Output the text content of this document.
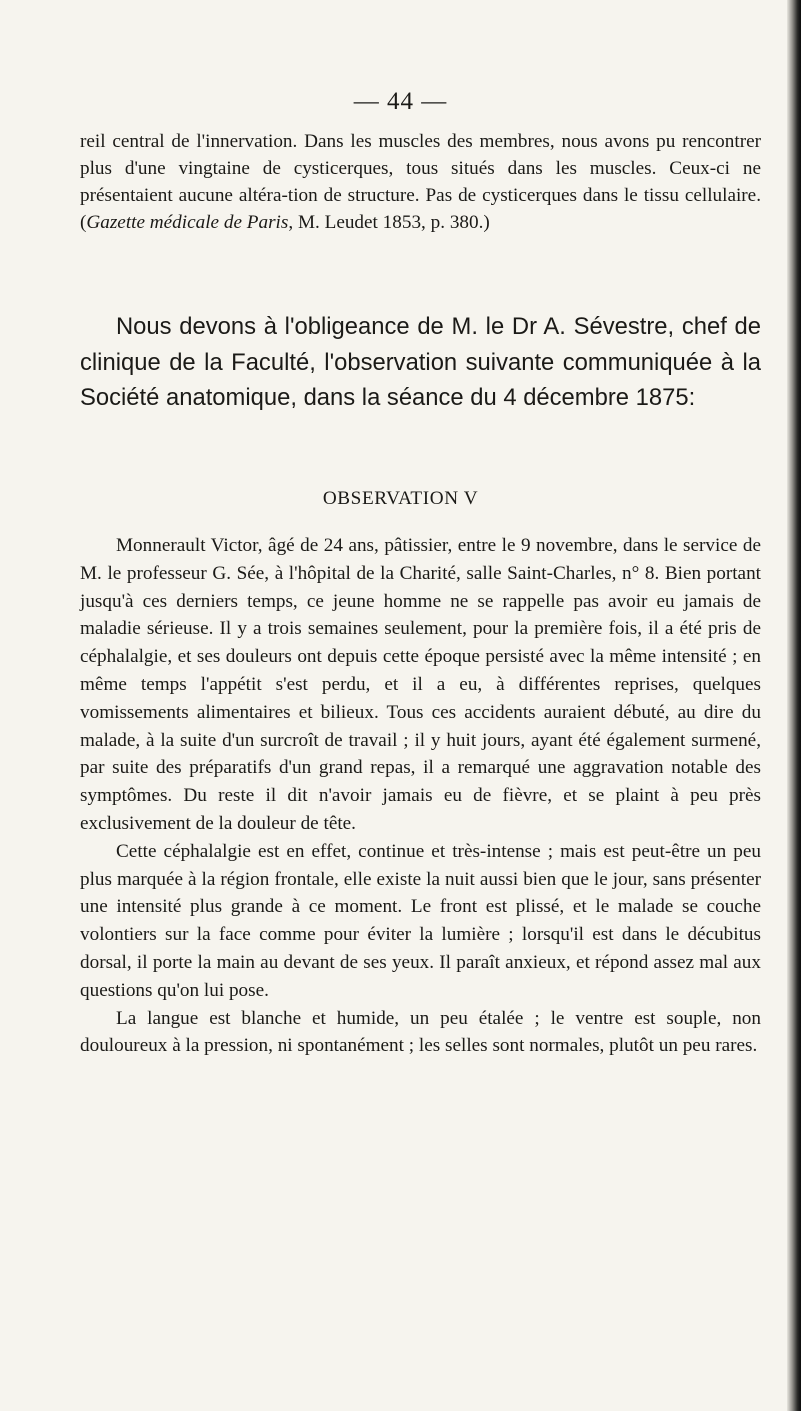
— 44 —

reil central de l'innervation. Dans les muscles des membres, nous avons pu rencontrer plus d'une vingtaine de cysticerques, tous situés dans les muscles. Ceux-ci ne présentaient aucune altéra-tion de structure. Pas de cysticerques dans le tissu cellulaire. (Gazette médicale de Paris, M. Leudet 1853, p. 380.)

Nous devons à l'obligeance de M. le Dr A. Sévestre, chef de clinique de la Faculté, l'observation suivante communiquée à la Société anatomique, dans la séance du 4 décembre 1875:

OBSERVATION V

Monnerault Victor, âgé de 24 ans, pâtissier, entre le 9 novembre, dans le service de M. le professeur G. Sée, à l'hôpital de la Charité, salle Saint-Charles, n° 8. Bien portant jusqu'à ces derniers temps, ce jeune homme ne se rappelle pas avoir eu jamais de maladie sérieuse. Il y a trois semaines seulement, pour la première fois, il a été pris de céphalalgie, et ses douleurs ont depuis cette époque persisté avec la même intensité ; en même temps l'appétit s'est perdu, et il a eu, à différentes reprises, quelques vomissements alimentaires et bilieux. Tous ces accidents auraient débuté, au dire du malade, à la suite d'un surcroît de travail ; il y huit jours, ayant été également surmené, par suite des préparatifs d'un grand repas, il a remarqué une aggravation notable des symptômes. Du reste il dit n'avoir jamais eu de fièvre, et se plaint à peu près exclusivement de la douleur de tête.

Cette céphalalgie est en effet, continue et très-intense ; mais est peut-être un peu plus marquée à la région frontale, elle existe la nuit aussi bien que le jour, sans présenter une intensité plus grande à ce moment. Le front est plissé, et le malade se couche volontiers sur la face comme pour éviter la lumière ; lorsqu'il est dans le décubitus dorsal, il porte la main au devant de ses yeux. Il paraît anxieux, et répond assez mal aux questions qu'on lui pose.

La langue est blanche et humide, un peu étalée ; le ventre est souple, non douloureux à la pression, ni spontanément ; les selles sont normales, plutôt un peu rares.
